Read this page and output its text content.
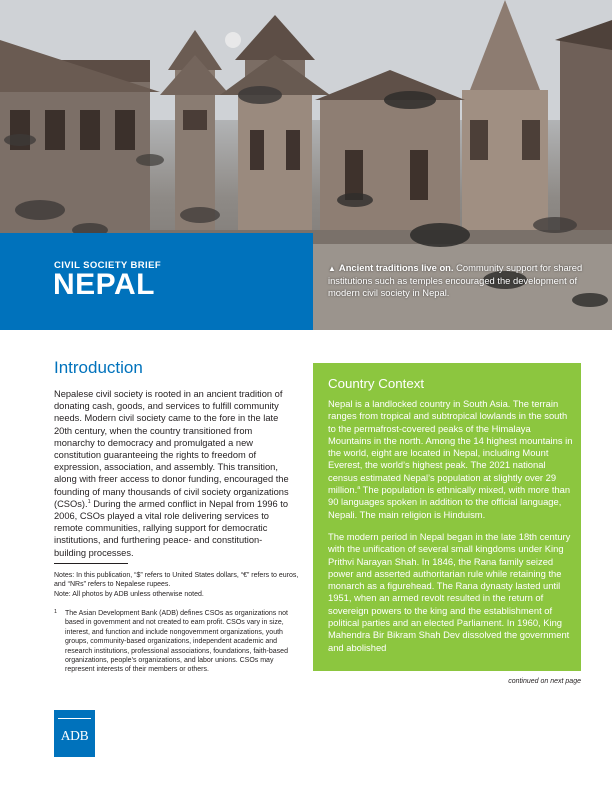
CIVIL SOCIETY BRIEF
NEPAL	▲ Ancient traditions live on. Community support for shared institutions such as temples encouraged the development of modern civil society in Nepal.
Introduction
Nepalese civil society is rooted in an ancient tradition of donating cash, goods, and services to fulfill community needs. Modern civil society came to the fore in the late 20th century, when the country transitioned from monarchy to democracy and promulgated a new constitution guaranteeing the rights to freedom of expression, association, and assembly. This transition, along with freer access to donor funding, encouraged the founding of many thousands of civil society organizations (CSOs).$^1$ During the armed conflict in Nepal from 1996 to 2006, CSOs played a vital role delivering services to remote communities, rallying support for democratic institutions, and furthering peace- and constitution-building processes.
Notes: In this publication, “$” refers to United States dollars, “€” refers to euros, and “NRs” refers to Nepalese rupees.
Note: All photos by ADB unless otherwise noted.
1 The Asian Development Bank (ADB) defines CSOs as organizations not based in government and not created to earn profit. CSOs vary in size, interest, and function and include nongovernment organizations, youth groups, community-based organizations, independent academic and research institutions, professional associations, foundations, faith-based organizations, people’s organizations, and labor unions. CSOs may represent interests of their members or others.
Country Context

Nepal is a landlocked country in South Asia. The terrain ranges from tropical and subtropical lowlands in the south to the permafrost-covered peaks of the Himalaya Mountains in the north. Among the 14 highest mountains in the world, eight are located in Nepal, including Mount Everest, the world’s highest peak. The 2021 national census estimated Nepal’s population at slightly over 29 million.$^a$ The population is ethnically mixed, with more than 90 languages spoken in addition to the official language, Nepali. The main religion is Hinduism.

The modern period in Nepal began in the late 18th century with the unification of several small kingdoms under King Prithvi Narayan Shah. In 1846, the Rana family seized power and asserted authoritarian rule while retaining the monarch as a figurehead. The Rana dynasty lasted until 1951, when an armed revolt resulted in the return of sovereign powers to the king and the establishment of political parties and an elected Parliament. In 1960, King Mahendra Bir Bikram Shah Dev dissolved the government and abolished

continued on next page
ADB
